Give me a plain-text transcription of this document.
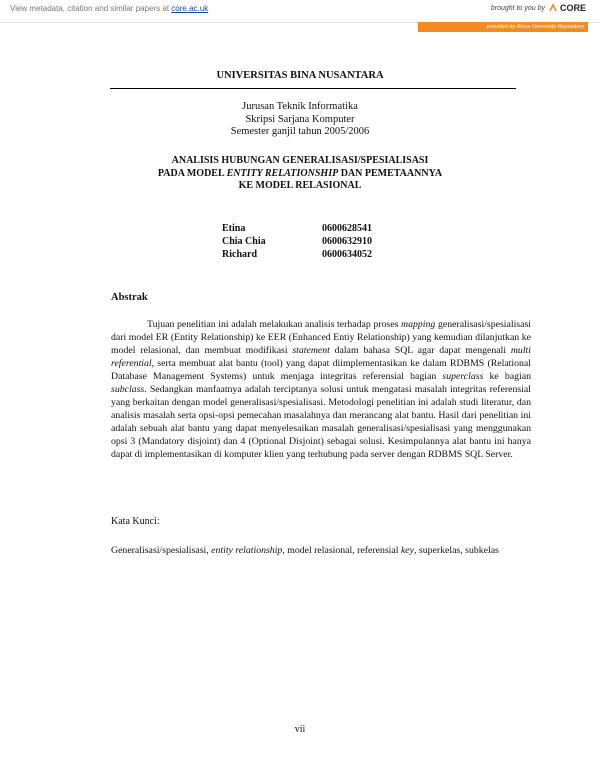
View metadata, citation and similar papers at core.ac.uk	brought to you by CORE
provided by Binus University Repository
UNIVERSITAS BINA NUSANTARA
Jurusan Teknik Informatika
Skripsi Sarjana Komputer
Semester ganjil tahun 2005/2006
ANALISIS HUBUNGAN GENERALISASI/SPESIALISASI
PADA MODEL ENTITY RELATIONSHIP DAN PEMETAANNYA
KE MODEL RELASIONAL
Etina	0600628541
Chia Chia	0600632910
Richard	0600634052
Abstrak

Tujuan penelitian ini adalah melakukan analisis terhadap proses mapping generalisasi/spesialisasi dari model ER (Entity Relationship) ke EER (Enhanced Entiy Relationship) yang kemudian dilanjutkan ke model relasional, dan membuat modifikasi statement dalam bahasa SQL agar dapat mengenali multi referential, serta membuat alat bantu (tool) yang dapat diimplementasikan ke dalam RDBMS (Relational Database Management Systems) untuk menjaga integritas referensial bagian superclass ke bagian subclass. Sedangkan manfaatnya adalah terciptanya solusi untuk mengatasi masalah integritas referensial yang berkaitan dengan model generalisasi/spesialisasi. Metodologi penelitian ini adalah studi literatur, dan analisis masalah serta opsi-opsi pemecahan masalahnya dan merancang alat bantu. Hasil dari penelitian ini adalah sebuah alat bantu yang dapat menyelesaikan masalah generalisasi/spesialisasi yang menggunakan opsi 3 (Mandatory disjoint) dan 4 (Optional Disjoint) sebagai solusi. Kesimpulannya alat bantu ini hanya dapat di implementasikan di komputer klien yang terhubung pada server dengan RDBMS SQL Server.

Kata Kunci:

Generalisasi/spesialisasi, entity relationship, model relasional, referensial key, superkelas, subkelas

vii
